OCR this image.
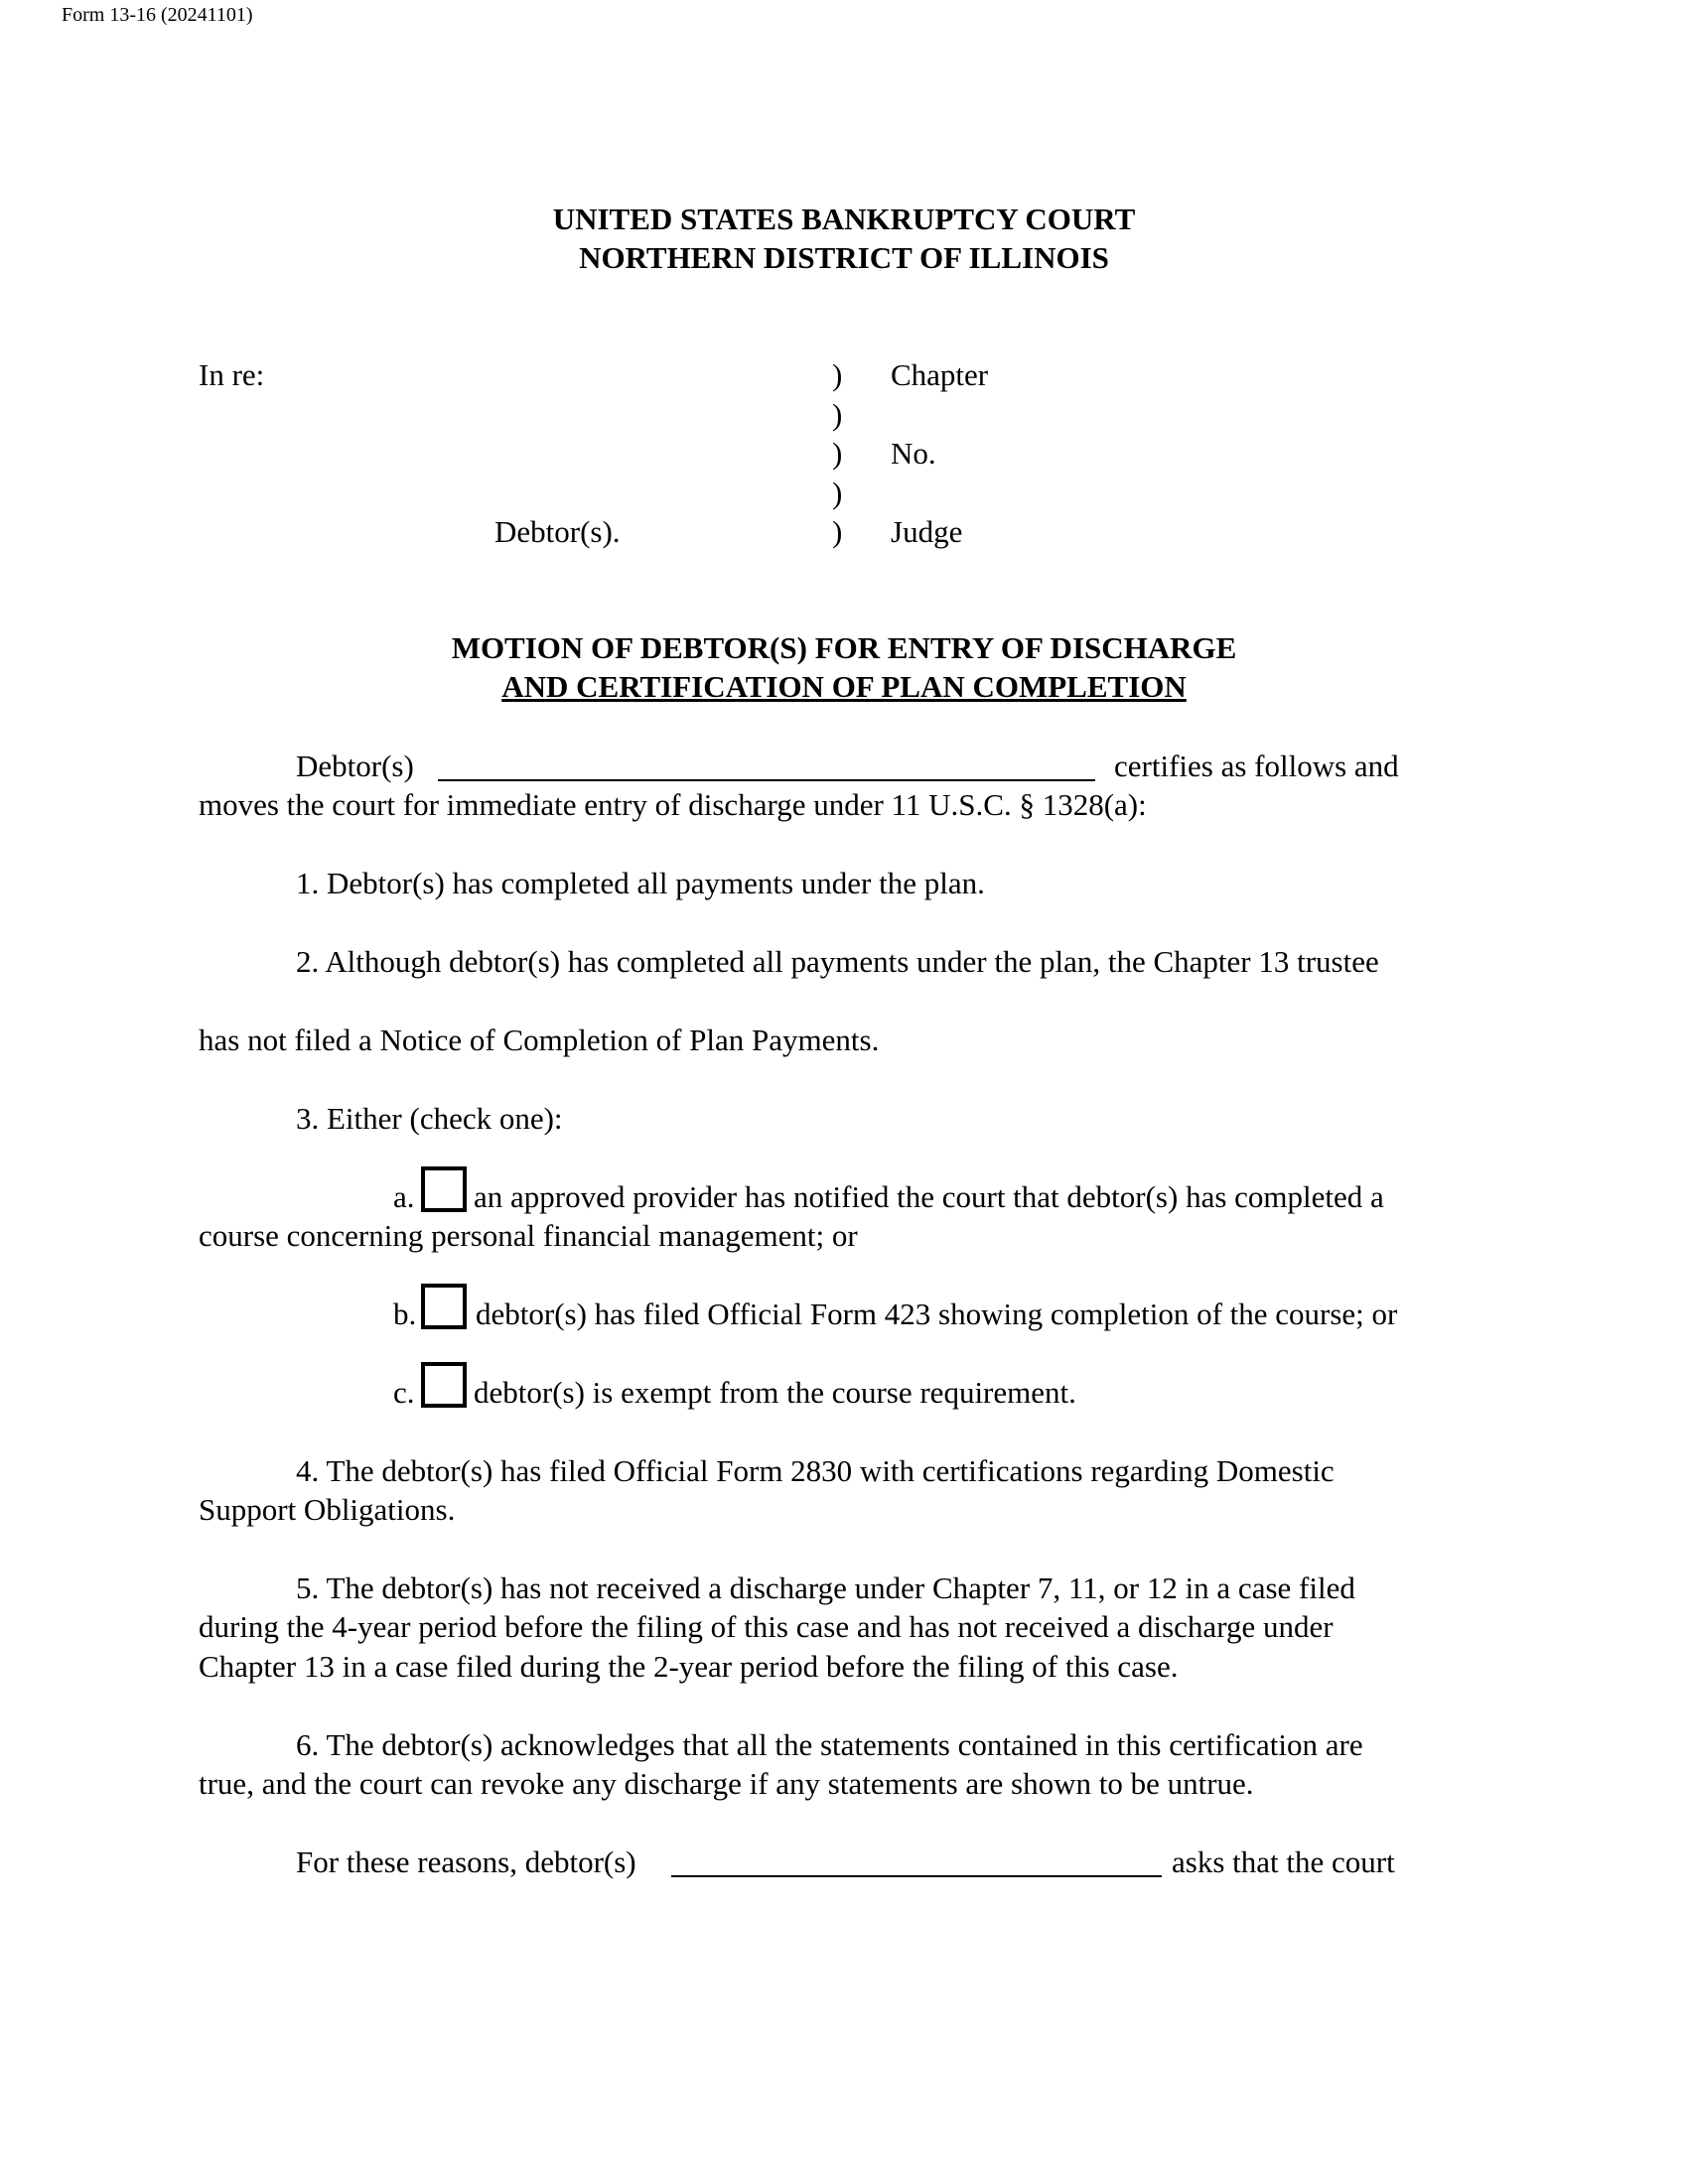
Form 13-16 (20241101)
UNITED STATES BANKRUPTCY COURT
NORTHERN DISTRICT OF ILLINOIS
In re:
Debtor(s).
)
)
)
)
)
Chapter
No.
Judge
MOTION OF DEBTOR(S) FOR ENTRY OF DISCHARGE
AND CERTIFICATION OF PLAN COMPLETION
Debtor(s)	certifies as follows and
moves the court for immediate entry of discharge under 11 U.S.C. § 1328(a):
1. Debtor(s) has completed all payments under the plan.
2. Although debtor(s) has completed all payments under the plan, the Chapter 13 trustee
has not filed a Notice of Completion of Plan Payments.
3. Either (check one):
a. an approved provider has notified the court that debtor(s) has completed a
course concerning personal financial management; or
b. debtor(s) has filed Official Form 423 showing completion of the course; or
c. debtor(s) is exempt from the course requirement.
4. The debtor(s) has filed Official Form 2830 with certifications regarding Domestic
Support Obligations.
5. The debtor(s) has not received a discharge under Chapter 7, 11, or 12 in a case filed
during the 4-year period before the filing of this case and has not received a discharge under
Chapter 13 in a case filed during the 2-year period before the filing of this case.
6. The debtor(s) acknowledges that all the statements contained in this certification are
true, and the court can revoke any discharge if any statements are shown to be untrue.
For these reasons, debtor(s)	asks that the court
